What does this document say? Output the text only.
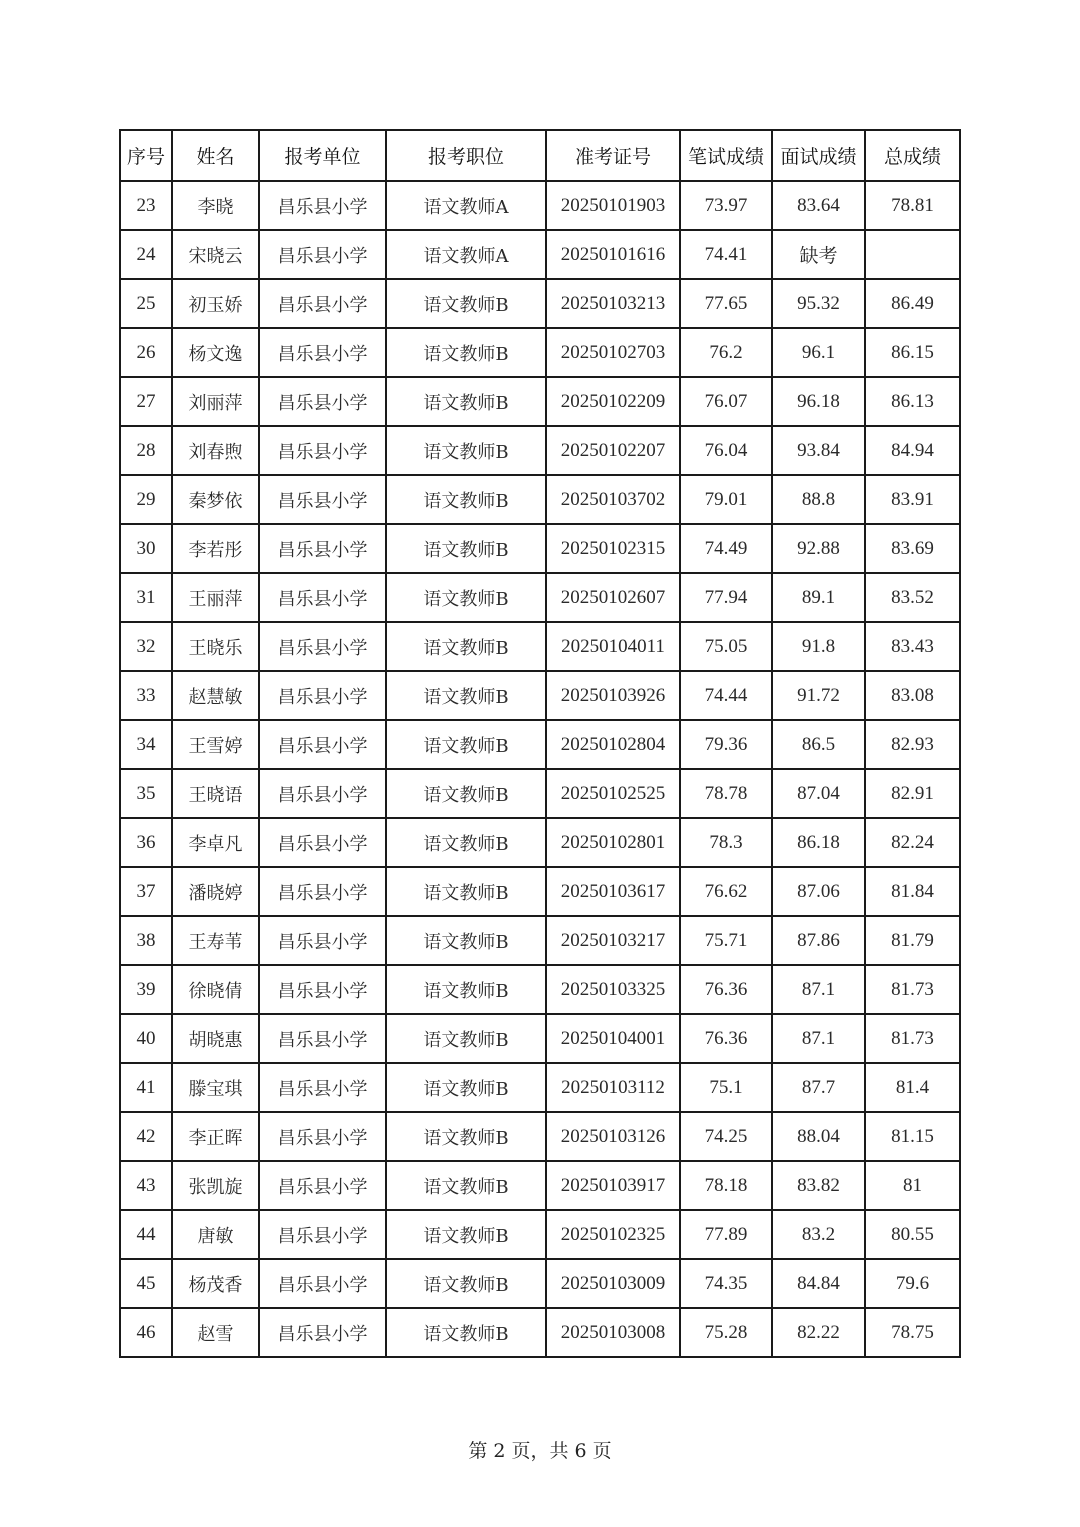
序号	姓名	报考单位	报考职位	准考证号	笔试成绩	面试成绩	总成绩
23	李晓	昌乐县小学	语文教师A	20250101903	73.97	83.64	78.81
24	宋晓云	昌乐县小学	语文教师A	20250101616	74.41	缺考	
25	初玉娇	昌乐县小学	语文教师B	20250103213	77.65	95.32	86.49
26	杨文逸	昌乐县小学	语文教师B	20250102703	76.2	96.1	86.15
27	刘丽萍	昌乐县小学	语文教师B	20250102209	76.07	96.18	86.13
28	刘春煦	昌乐县小学	语文教师B	20250102207	76.04	93.84	84.94
29	秦梦依	昌乐县小学	语文教师B	20250103702	79.01	88.8	83.91
30	李若彤	昌乐县小学	语文教师B	20250102315	74.49	92.88	83.69
31	王丽萍	昌乐县小学	语文教师B	20250102607	77.94	89.1	83.52
32	王晓乐	昌乐县小学	语文教师B	20250104011	75.05	91.8	83.43
33	赵慧敏	昌乐县小学	语文教师B	20250103926	74.44	91.72	83.08
34	王雪婷	昌乐县小学	语文教师B	20250102804	79.36	86.5	82.93
35	王晓语	昌乐县小学	语文教师B	20250102525	78.78	87.04	82.91
36	李卓凡	昌乐县小学	语文教师B	20250102801	78.3	86.18	82.24
37	潘晓婷	昌乐县小学	语文教师B	20250103617	76.62	87.06	81.84
38	王寿苇	昌乐县小学	语文教师B	20250103217	75.71	87.86	81.79
39	徐晓倩	昌乐县小学	语文教师B	20250103325	76.36	87.1	81.73
40	胡晓惠	昌乐县小学	语文教师B	20250104001	76.36	87.1	81.73
41	滕宝琪	昌乐县小学	语文教师B	20250103112	75.1	87.7	81.4
42	李正晖	昌乐县小学	语文教师B	20250103126	74.25	88.04	81.15
43	张凯旋	昌乐县小学	语文教师B	20250103917	78.18	83.82	81
44	唐敏	昌乐县小学	语文教师B	20250102325	77.89	83.2	80.55
45	杨茂香	昌乐县小学	语文教师B	20250103009	74.35	84.84	79.6
46	赵雪	昌乐县小学	语文教师B	20250103008	75.28	82.22	78.75
第 2 页，共 6 页
